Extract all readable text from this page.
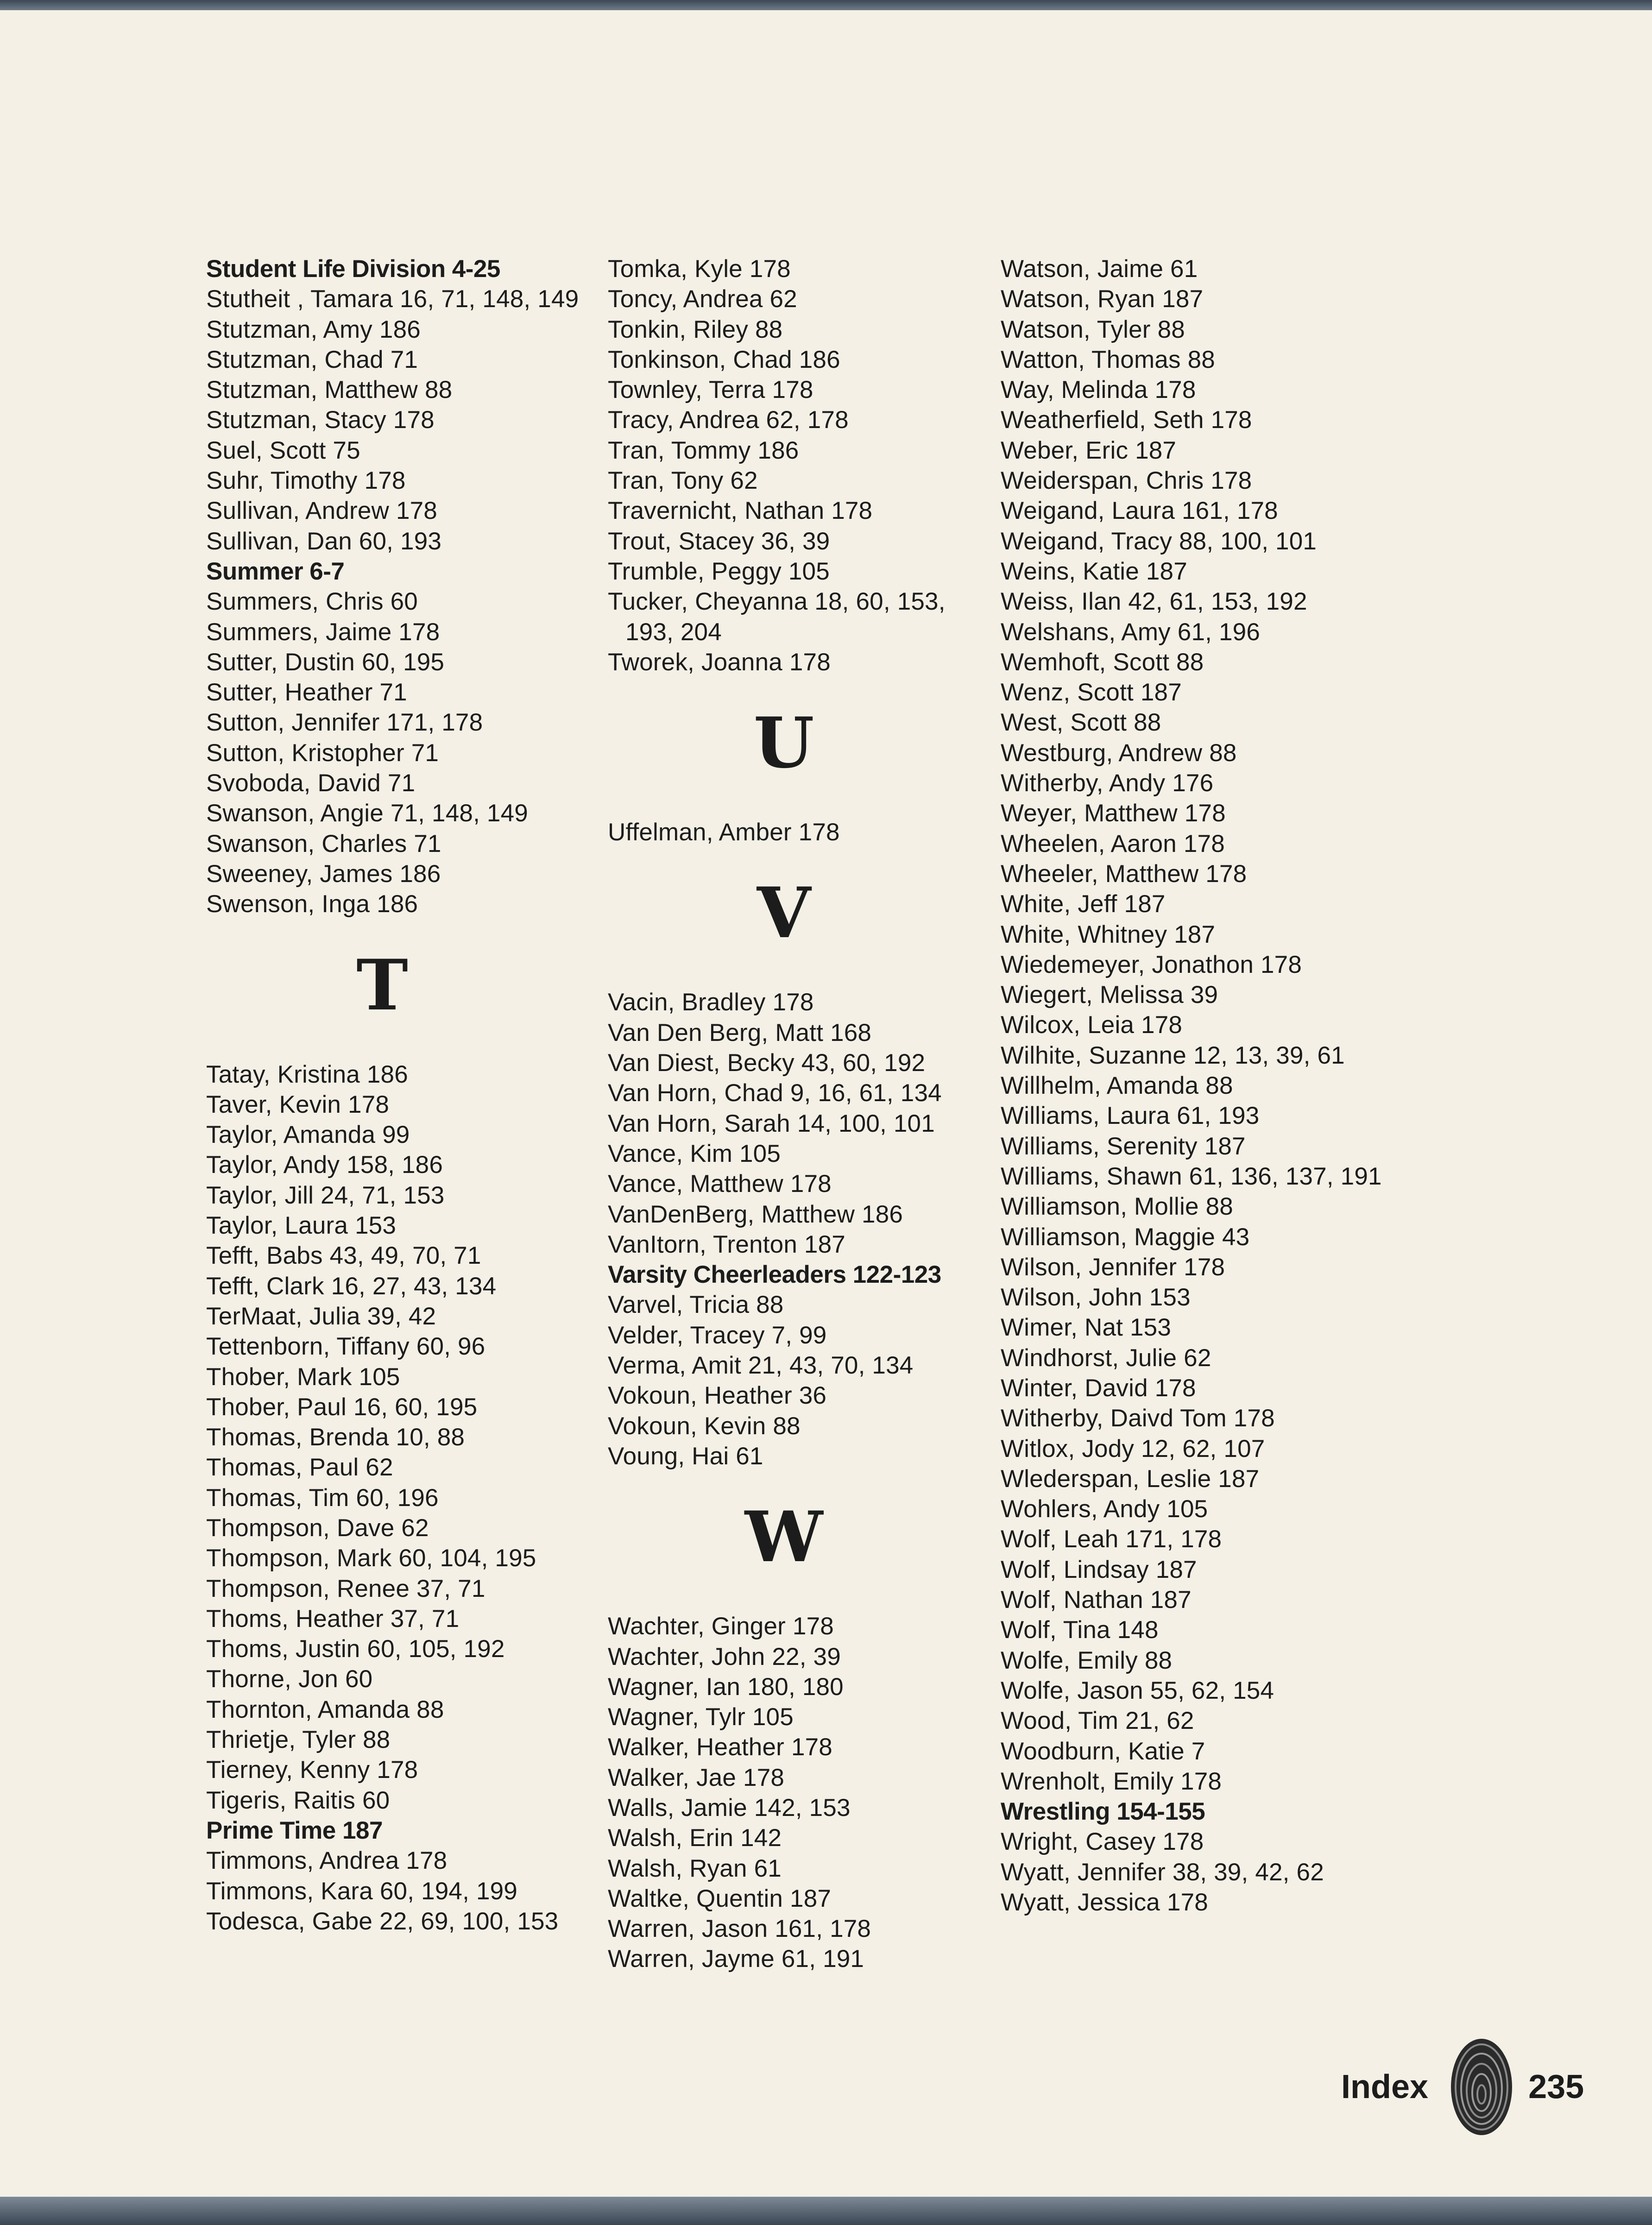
Student Life Division 4-25
Stutheit , Tamara 16, 71, 148, 149
Stutzman, Amy 186
Stutzman, Chad 71
Stutzman, Matthew 88
Stutzman, Stacy 178
Suel, Scott 75
Suhr, Timothy 178
Sullivan, Andrew 178
Sullivan, Dan 60, 193
Summer 6-7
Summers, Chris 60
Summers, Jaime 178
Sutter, Dustin 60, 195
Sutter, Heather 71
Sutton, Jennifer 171, 178
Sutton, Kristopher 71
Svoboda, David 71
Swanson, Angie 71, 148, 149
Swanson, Charles 71
Sweeney, James 186
Swenson, Inga 186
T
Tatay, Kristina 186
Taver, Kevin 178
Taylor, Amanda 99
Taylor, Andy 158, 186
Taylor, Jill 24, 71, 153
Taylor, Laura 153
Tefft, Babs 43, 49, 70, 71
Tefft, Clark 16, 27, 43, 134
TerMaat, Julia 39, 42
Tettenborn, Tiffany 60, 96
Thober, Mark 105
Thober, Paul 16, 60, 195
Thomas, Brenda 10, 88
Thomas, Paul 62
Thomas, Tim 60, 196
Thompson, Dave 62
Thompson, Mark 60, 104, 195
Thompson, Renee 37, 71
Thoms, Heather 37, 71
Thoms, Justin 60, 105, 192
Thorne, Jon 60
Thornton, Amanda 88
Thrietje, Tyler 88
Tierney, Kenny 178
Tigeris, Raitis 60
Prime Time 187
Timmons, Andrea 178
Timmons, Kara 60, 194, 199
Todesca, Gabe 22, 69, 100, 153
Tomka, Kyle 178
Toncy, Andrea 62
Tonkin, Riley 88
Tonkinson, Chad 186
Townley, Terra 178
Tracy, Andrea 62, 178
Tran, Tommy 186
Tran, Tony 62
Travernicht, Nathan 178
Trout, Stacey 36, 39
Trumble, Peggy 105
Tucker, Cheyanna 18, 60, 153, 193, 204
Tworek, Joanna 178
U
Uffelman, Amber 178
V
Vacin, Bradley 178
Van Den Berg, Matt 168
Van Diest, Becky 43, 60, 192
Van Horn, Chad 9, 16, 61, 134
Van Horn, Sarah 14, 100, 101
Vance, Kim 105
Vance, Matthew 178
VanDenBerg, Matthew 186
VanItorn, Trenton 187
Varsity Cheerleaders 122-123
Varvel, Tricia 88
Velder, Tracey 7, 99
Verma, Amit 21, 43, 70, 134
Vokoun, Heather 36
Vokoun, Kevin 88
Voung, Hai 61
W
Wachter, Ginger 178
Wachter, John 22, 39
Wagner, Ian 180, 180
Wagner, Tylr 105
Walker, Heather 178
Walker, Jae 178
Walls, Jamie 142, 153
Walsh, Erin 142
Walsh, Ryan 61
Waltke, Quentin 187
Warren, Jason 161, 178
Warren, Jayme 61, 191
Watson, Jaime 61
Watson, Ryan 187
Watson, Tyler 88
Watton, Thomas 88
Way, Melinda 178
Weatherfield, Seth 178
Weber, Eric 187
Weiderspan, Chris 178
Weigand, Laura 161, 178
Weigand, Tracy 88, 100, 101
Weins, Katie 187
Weiss, Ilan 42, 61, 153, 192
Welshans, Amy 61, 196
Wemhoft, Scott 88
Wenz, Scott 187
West, Scott 88
Westburg, Andrew 88
Witherby, Andy 176
Weyer, Matthew 178
Wheelen, Aaron 178
Wheeler, Matthew 178
White, Jeff 187
White, Whitney 187
Wiedemeyer, Jonathon 178
Wiegert, Melissa 39
Wilcox, Leia 178
Wilhite, Suzanne 12, 13, 39, 61
Willhelm, Amanda 88
Williams, Laura 61, 193
Williams, Serenity 187
Williams, Shawn 61, 136, 137, 191
Williamson, Mollie 88
Williamson, Maggie 43
Wilson, Jennifer 178
Wilson, John 153
Wimer, Nat 153
Windhorst, Julie 62
Winter, David 178
Witherby, Daivd Tom 178
Witlox, Jody 12, 62, 107
Wlederspan, Leslie 187
Wohlers, Andy 105
Wolf, Leah 171, 178
Wolf, Lindsay 187
Wolf, Nathan 187
Wolf, Tina 148
Wolfe, Emily 88
Wolfe, Jason 55, 62, 154
Wood, Tim 21, 62
Woodburn, Katie 7
Wrenholt, Emily 178
Wrestling 154-155
Wright, Casey 178
Wyatt, Jennifer 38, 39, 42, 62
Wyatt, Jessica 178
Index	235
